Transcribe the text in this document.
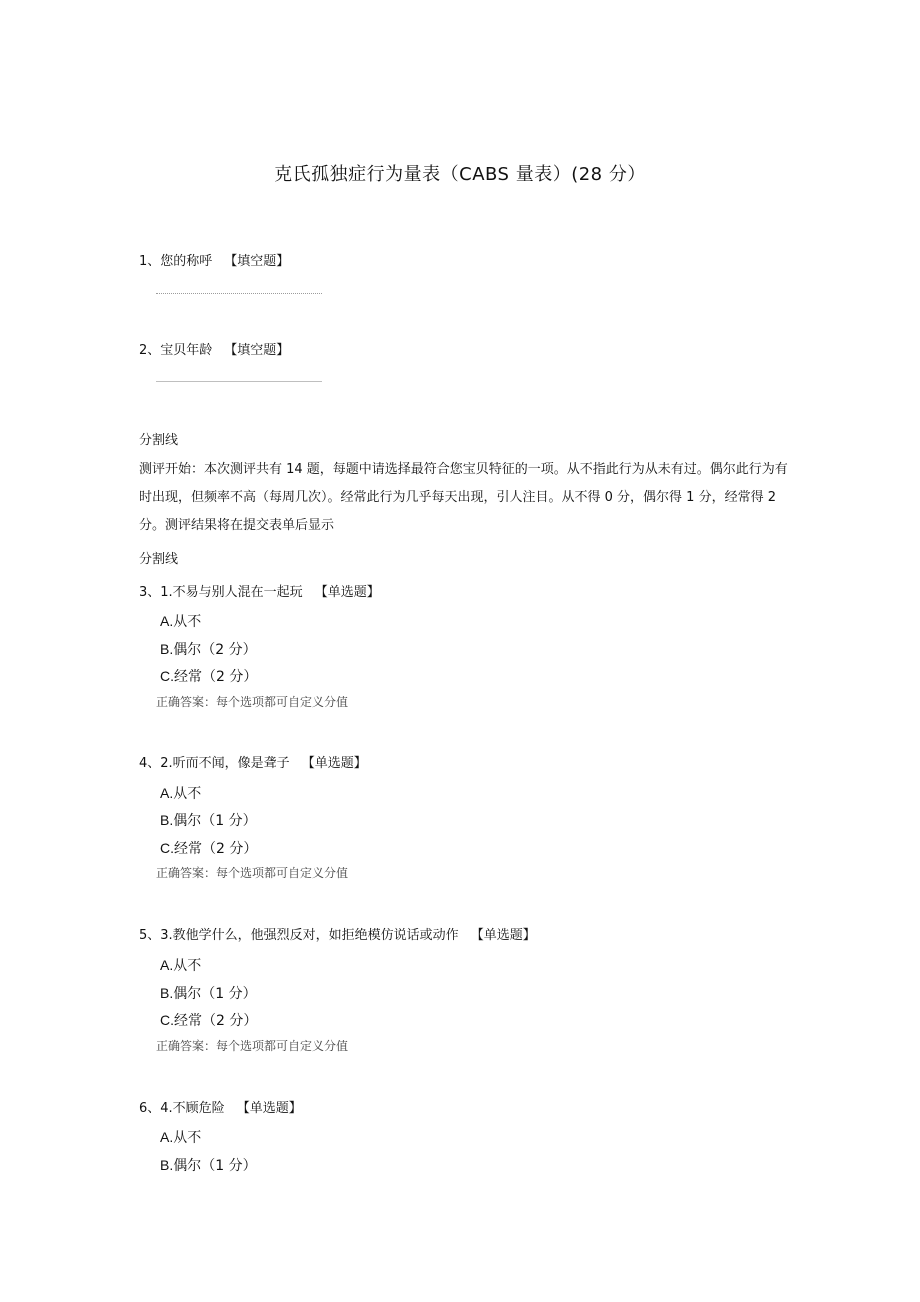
克氏孤独症行为量表（CABS 量表）(28 分）
1、您的称呼 【填空题】
2、宝贝年龄 【填空题】
分割线
测评开始：本次测评共有 14 题，每题中请选择最符合您宝贝特征的一项。从不指此行为从未有过。偶尔此行为有时出现，但频率不高（每周几次）。经常此行为几乎每天出现，引人注目。从不得 0 分，偶尔得 1 分，经常得 2 分。测评结果将在提交表单后显示
分割线
3、1.不易与别人混在一起玩 【单选题】
A.从不
B.偶尔（2 分）
C.经常（2 分）
正确答案：每个选项都可自定义分值
4、2.听而不闻，像是聋子 【单选题】
A.从不
B.偶尔（1 分）
C.经常（2 分）
正确答案：每个选项都可自定义分值
5、3.教他学什么，他强烈反对，如拒绝模仿说话或动作 【单选题】
A.从不
B.偶尔（1 分）
C.经常（2 分）
正确答案：每个选项都可自定义分值
6、4.不顾危险 【单选题】
A.从不
B.偶尔（1 分）
